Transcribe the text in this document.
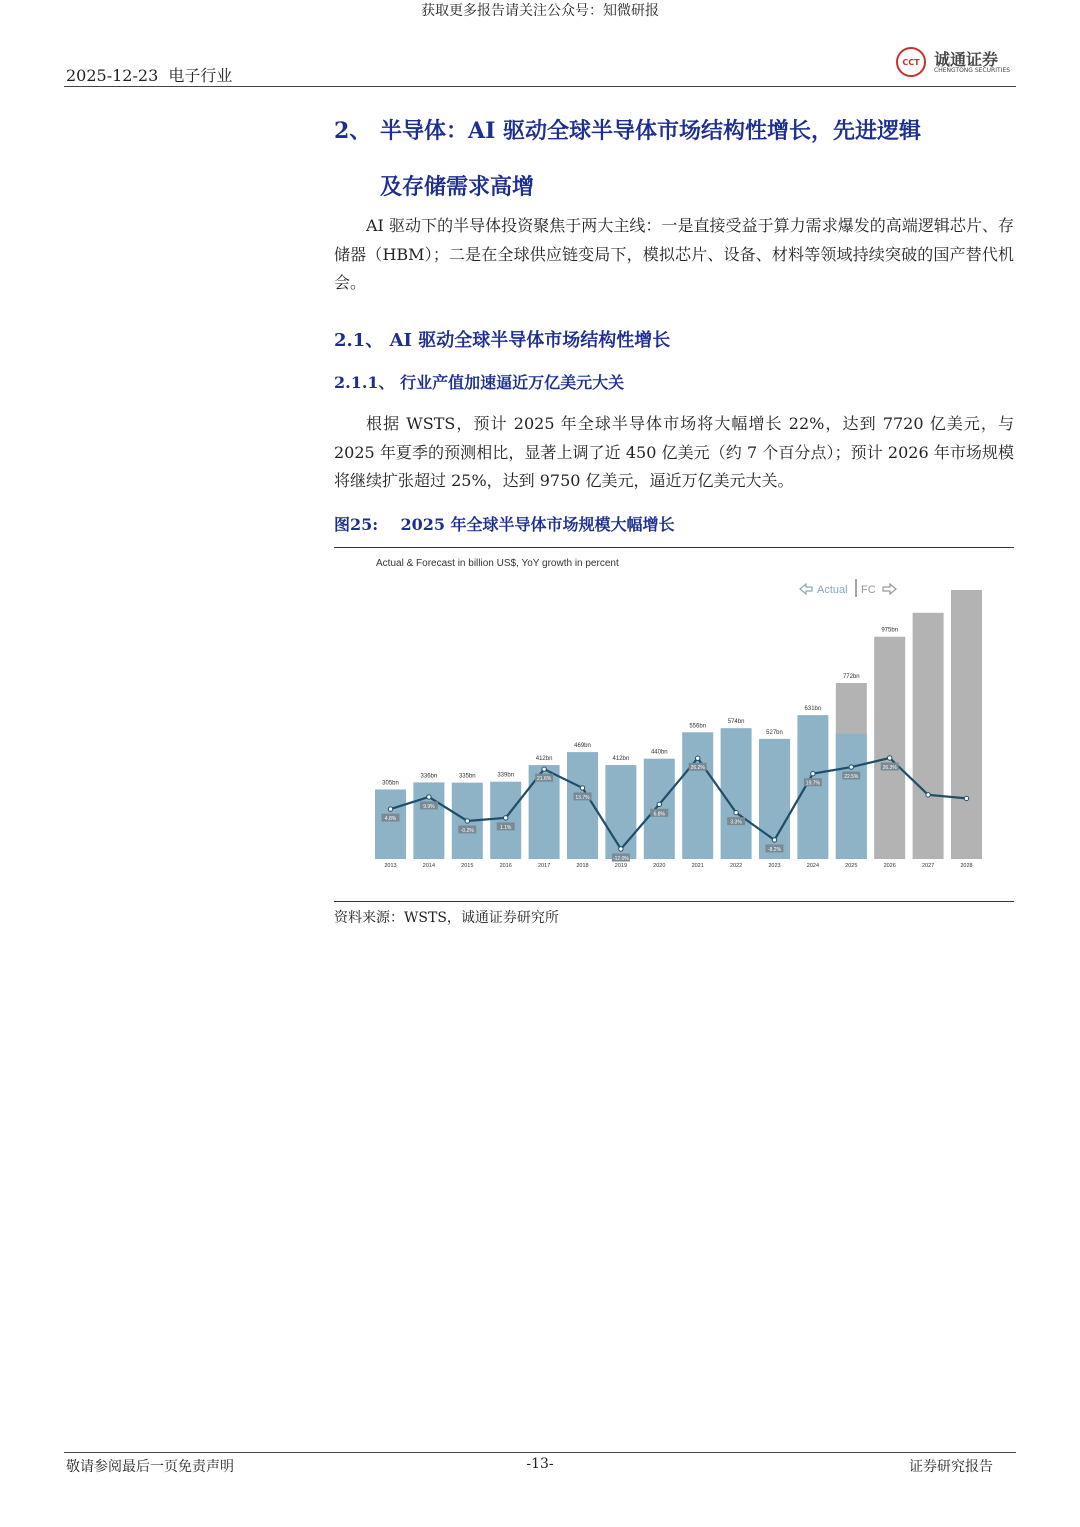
获取更多报告请关注公众号：知微研报
2025-12-23 电子行业
CCT 诚通证券
CHENGTONG SECURITIES
2、 半导体：AI 驱动全球半导体市场结构性增长，先进逻辑
及存储需求高增

AI 驱动下的半导体投资聚焦于两大主线：一是直接受益于算力需求爆发的高端逻辑芯片、存储器（HBM）；二是在全球供应链变局下，模拟芯片、设备、材料等领域持续突破的国产替代机会。

2.1、 AI 驱动全球半导体市场结构性增长
2.1.1、 行业产值加速逼近万亿美元大关

根据 WSTS，预计 2025 年全球半导体市场将大幅增长 22%，达到 7720 亿美元，与 2025 年夏季的预测相比，显著上调了近 450 亿美元（约 7 个百分点）；预计 2026 年市场规模将继续扩张超过 25%，达到 9750 亿美元，逼近万亿美元大关。

图25:    2025 年全球半导体市场规模大幅增长
Actual & Forecast in billion US$, YoY growth in percent
Actual FC
2013
305bn
2014
336bn
2015
335bn
2016
339bn
2017
412bn
2018
469bn
2019
412bn
2020
440bn
2021
556bn
2022
574bn
2023
527bn
2024
631bn
2025
772bn
2026
975bn
2027	2028
4.8%
9.9%
-0.2%
1.1%
21.6%
13.7%
-12.0%
6.8%
26.2%
3.3%
-8.2%
19.7%
22.5%
26.3%
资料来源：WSTS，诚通证券研究所
敬请参阅最后一页免责声明	-13-	证券研究报告
